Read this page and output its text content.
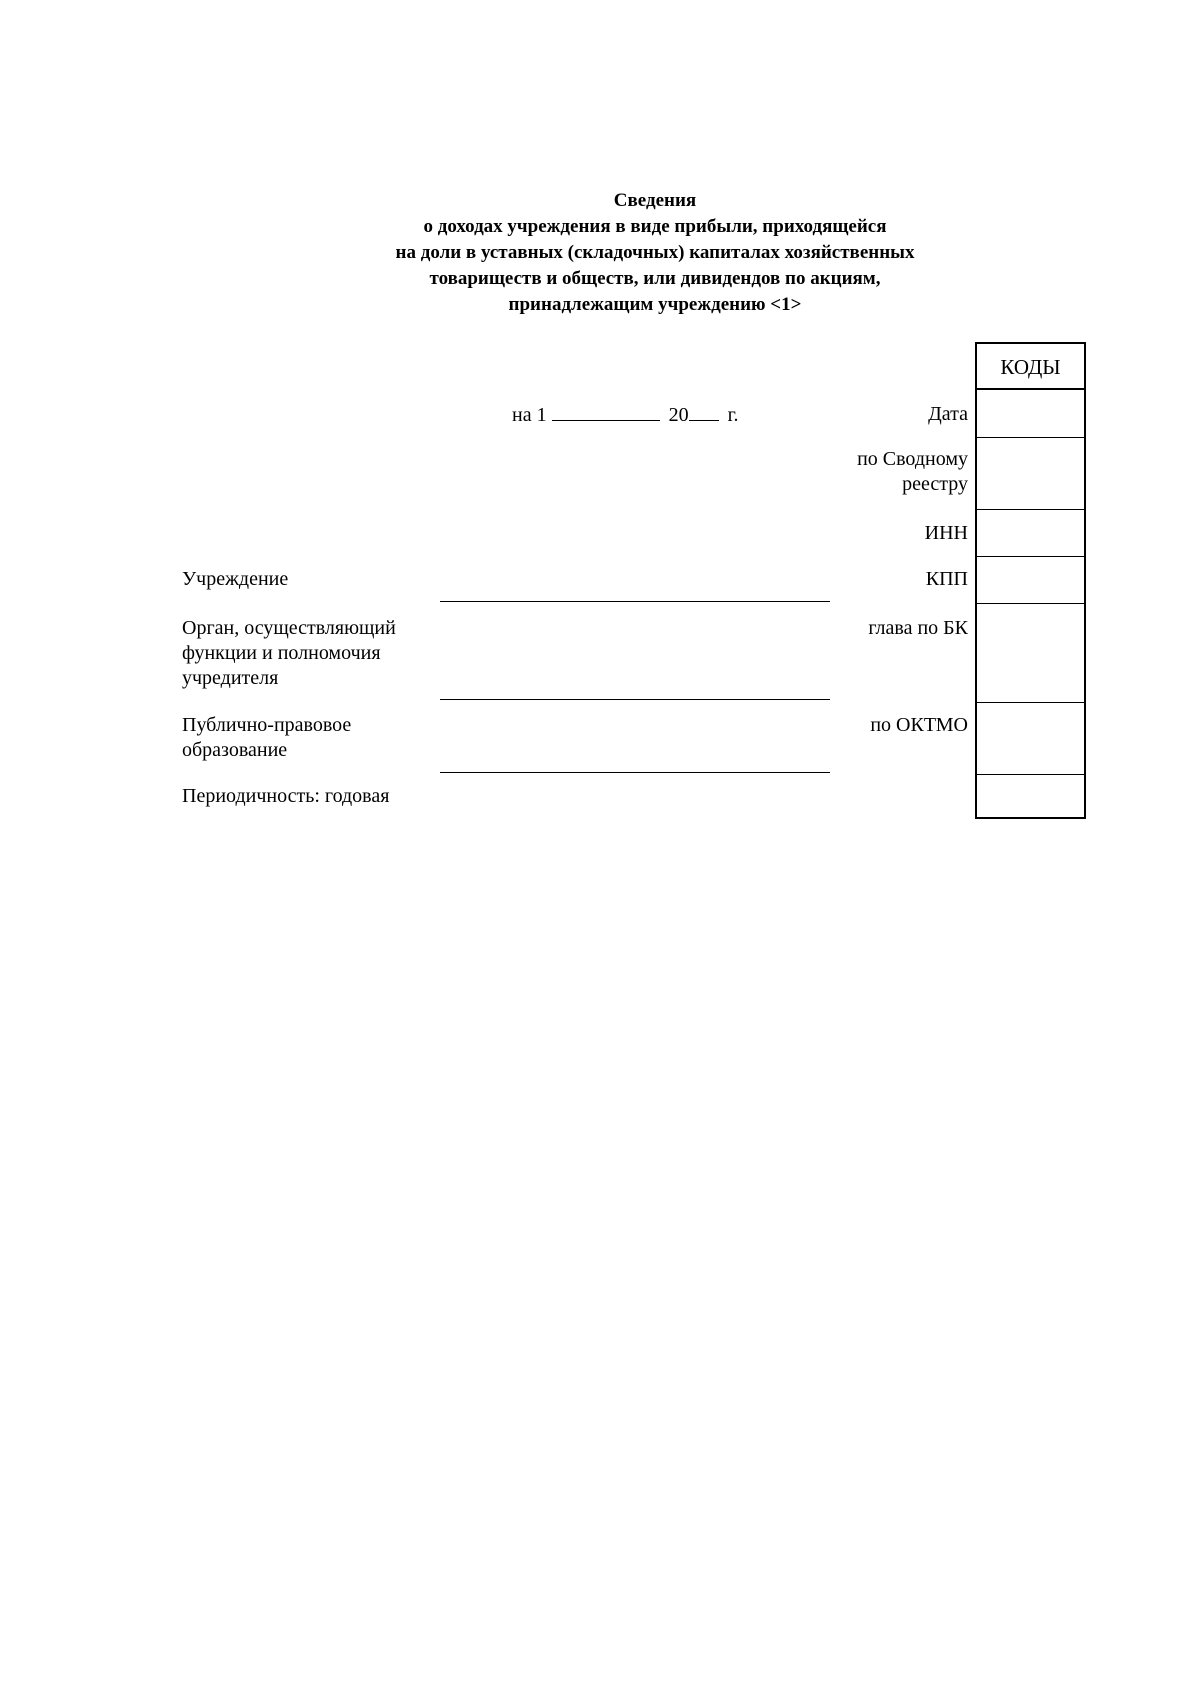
Сведения
о доходах учреждения в виде прибыли, приходящейся
на доли в уставных (складочных) капиталах хозяйственных
товариществ и обществ, или дивидендов по акциям,
принадлежащим учреждению <1>
на 1	20 г.	Дата
по Сводному
реестру
ИНН
КПП
глава по БК
по ОКТМО
КОДЫ
Учреждение
Орган, осуществляющий
функции и полномочия
учредителя
Публично-правовое
образование
Периодичность: годовая
